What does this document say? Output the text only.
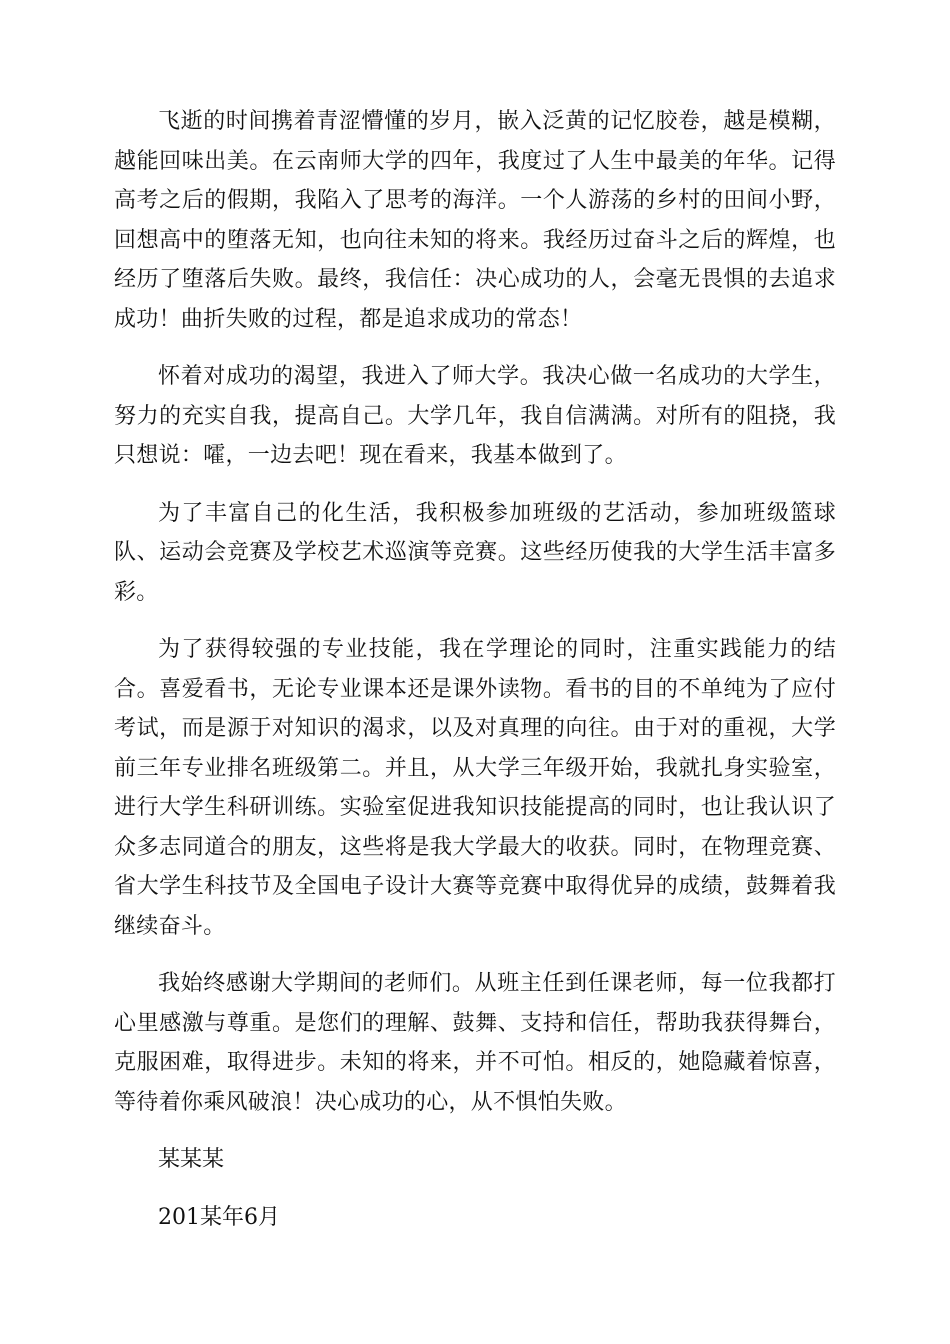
飞逝的时间携着青涩懵懂的岁月，嵌入泛黄的记忆胶卷，越是模糊，越能回味出美。在云南师大学的四年，我度过了人生中最美的年华。记得高考之后的假期，我陷入了思考的海洋。一个人游荡的乡村的田间小野，回想高中的堕落无知，也向往未知的将来。我经历过奋斗之后的辉煌，也经历了堕落后失败。最终，我信任：决心成功的人，会毫无畏惧的去追求成功！曲折失败的过程，都是追求成功的常态！

怀着对成功的渴望，我进入了师大学。我决心做一名成功的大学生，努力的充实自我，提高自己。大学几年，我自信满满。对所有的阻挠，我只想说：嚯，一边去吧！现在看来，我基本做到了。

为了丰富自己的化生活，我积极参加班级的艺活动，参加班级篮球队、运动会竞赛及学校艺术巡演等竞赛。这些经历使我的大学生活丰富多彩。

为了获得较强的专业技能，我在学理论的同时，注重实践能力的结合。喜爱看书，无论专业课本还是课外读物。看书的目的不单纯为了应付考试，而是源于对知识的渴求，以及对真理的向往。由于对的重视，大学前三年专业排名班级第二。并且，从大学三年级开始，我就扎身实验室，进行大学生科研训练。实验室促进我知识技能提高的同时，也让我认识了众多志同道合的朋友，这些将是我大学最大的收获。同时，在物理竞赛、省大学生科技节及全国电子设计大赛等竞赛中取得优异的成绩，鼓舞着我继续奋斗。

我始终感谢大学期间的老师们。从班主任到任课老师，每一位我都打心里感激与尊重。是您们的理解、鼓舞、支持和信任，帮助我获得舞台，克服困难，取得进步。未知的将来，并不可怕。相反的，她隐藏着惊喜，等待着你乘风破浪！决心成功的心，从不惧怕失败。

某某某

201某年6月
